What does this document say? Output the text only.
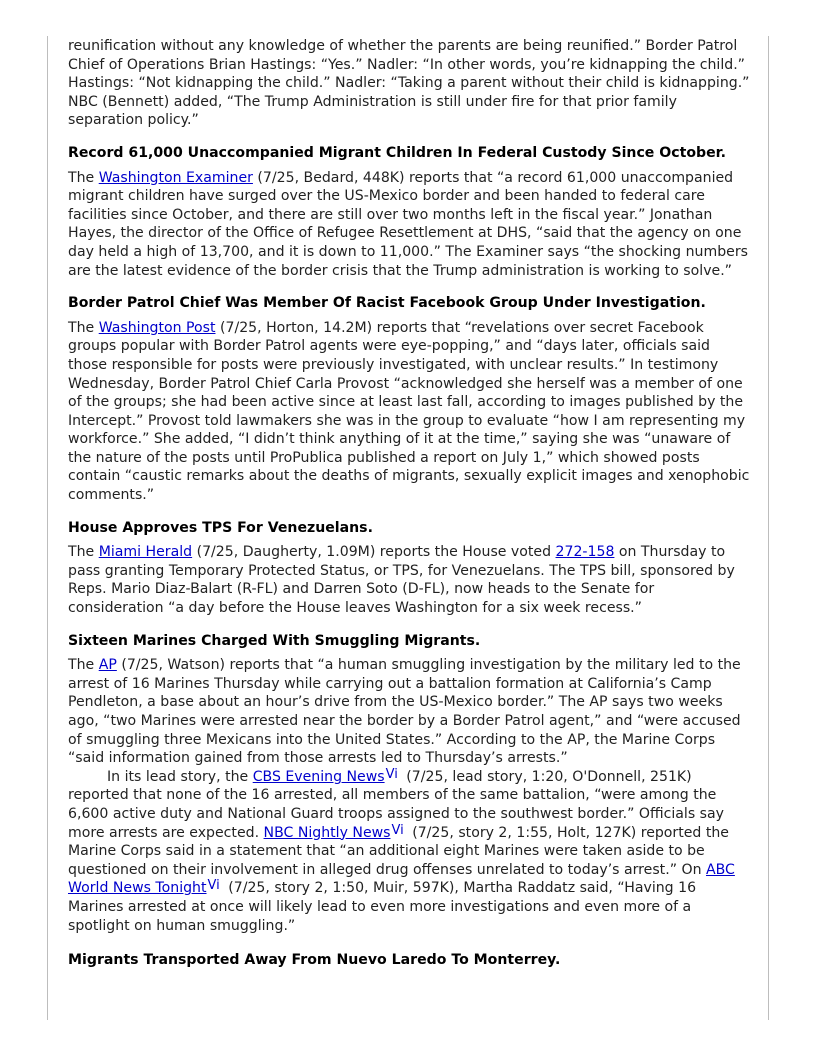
reunification without any knowledge of whether the parents are being reunified.” Border Patrol Chief of Operations Brian Hastings: “Yes.” Nadler: “In other words, you’re kidnapping the child.” Hastings: “Not kidnapping the child.” Nadler: “Taking a parent without their child is kidnapping.” NBC (Bennett) added, “The Trump Administration is still under fire for that prior family separation policy.”

Record 61,000 Unaccompanied Migrant Children In Federal Custody Since October.

The Washington Examiner (7/25, Bedard, 448K) reports that “a record 61,000 unaccompanied migrant children have surged over the US-Mexico border and been handed to federal care facilities since October, and there are still over two months left in the fiscal year.” Jonathan Hayes, the director of the Office of Refugee Resettlement at DHS, “said that the agency on one day held a high of 13,700, and it is down to 11,000.” The Examiner says “the shocking numbers are the latest evidence of the border crisis that the Trump administration is working to solve.”

Border Patrol Chief Was Member Of Racist Facebook Group Under Investigation.

The Washington Post (7/25, Horton, 14.2M) reports that “revelations over secret Facebook groups popular with Border Patrol agents were eye-popping,” and “days later, officials said those responsible for posts were previously investigated, with unclear results.” In testimony Wednesday, Border Patrol Chief Carla Provost “acknowledged she herself was a member of one of the groups; she had been active since at least last fall, according to images published by the Intercept.” Provost told lawmakers she was in the group to evaluate “how I am representing my workforce.” She added, “I didn’t think anything of it at the time,” saying she was “unaware of the nature of the posts until ProPublica published a report on July 1,” which showed posts contain “caustic remarks about the deaths of migrants, sexually explicit images and xenophobic comments.”

House Approves TPS For Venezuelans.

The Miami Herald (7/25, Daugherty, 1.09M) reports the House voted 272-158 on Thursday to pass granting Temporary Protected Status, or TPS, for Venezuelans. The TPS bill, sponsored by Reps. Mario Diaz-Balart (R-FL) and Darren Soto (D-FL), now heads to the Senate for consideration “a day before the House leaves Washington for a six week recess.”

Sixteen Marines Charged With Smuggling Migrants.

The AP (7/25, Watson) reports that “a human smuggling investigation by the military led to the arrest of 16 Marines Thursday while carrying out a battalion formation at California’s Camp Pendleton, a base about an hour’s drive from the US-Mexico border.” The AP says two weeks ago, “two Marines were arrested near the border by a Border Patrol agent,” and “were accused of smuggling three Mexicans into the United States.” According to the AP, the Marine Corps “said information gained from those arrests led to Thursday’s arrests.”

In its lead story, the CBS Evening NewsVi (7/25, lead story, 1:20, O'Donnell, 251K) reported that none of the 16 arrested, all members of the same battalion, “were among the 6,600 active duty and National Guard troops assigned to the southwest border.” Officials say more arrests are expected. NBC Nightly NewsVi (7/25, story 2, 1:55, Holt, 127K) reported the Marine Corps said in a statement that “an additional eight Marines were taken aside to be questioned on their involvement in alleged drug offenses unrelated to today’s arrest.” On ABC World News TonightVi (7/25, story 2, 1:50, Muir, 597K), Martha Raddatz said, “Having 16 Marines arrested at once will likely lead to even more investigations and even more of a spotlight on human smuggling.”

Migrants Transported Away From Nuevo Laredo To Monterrey.
